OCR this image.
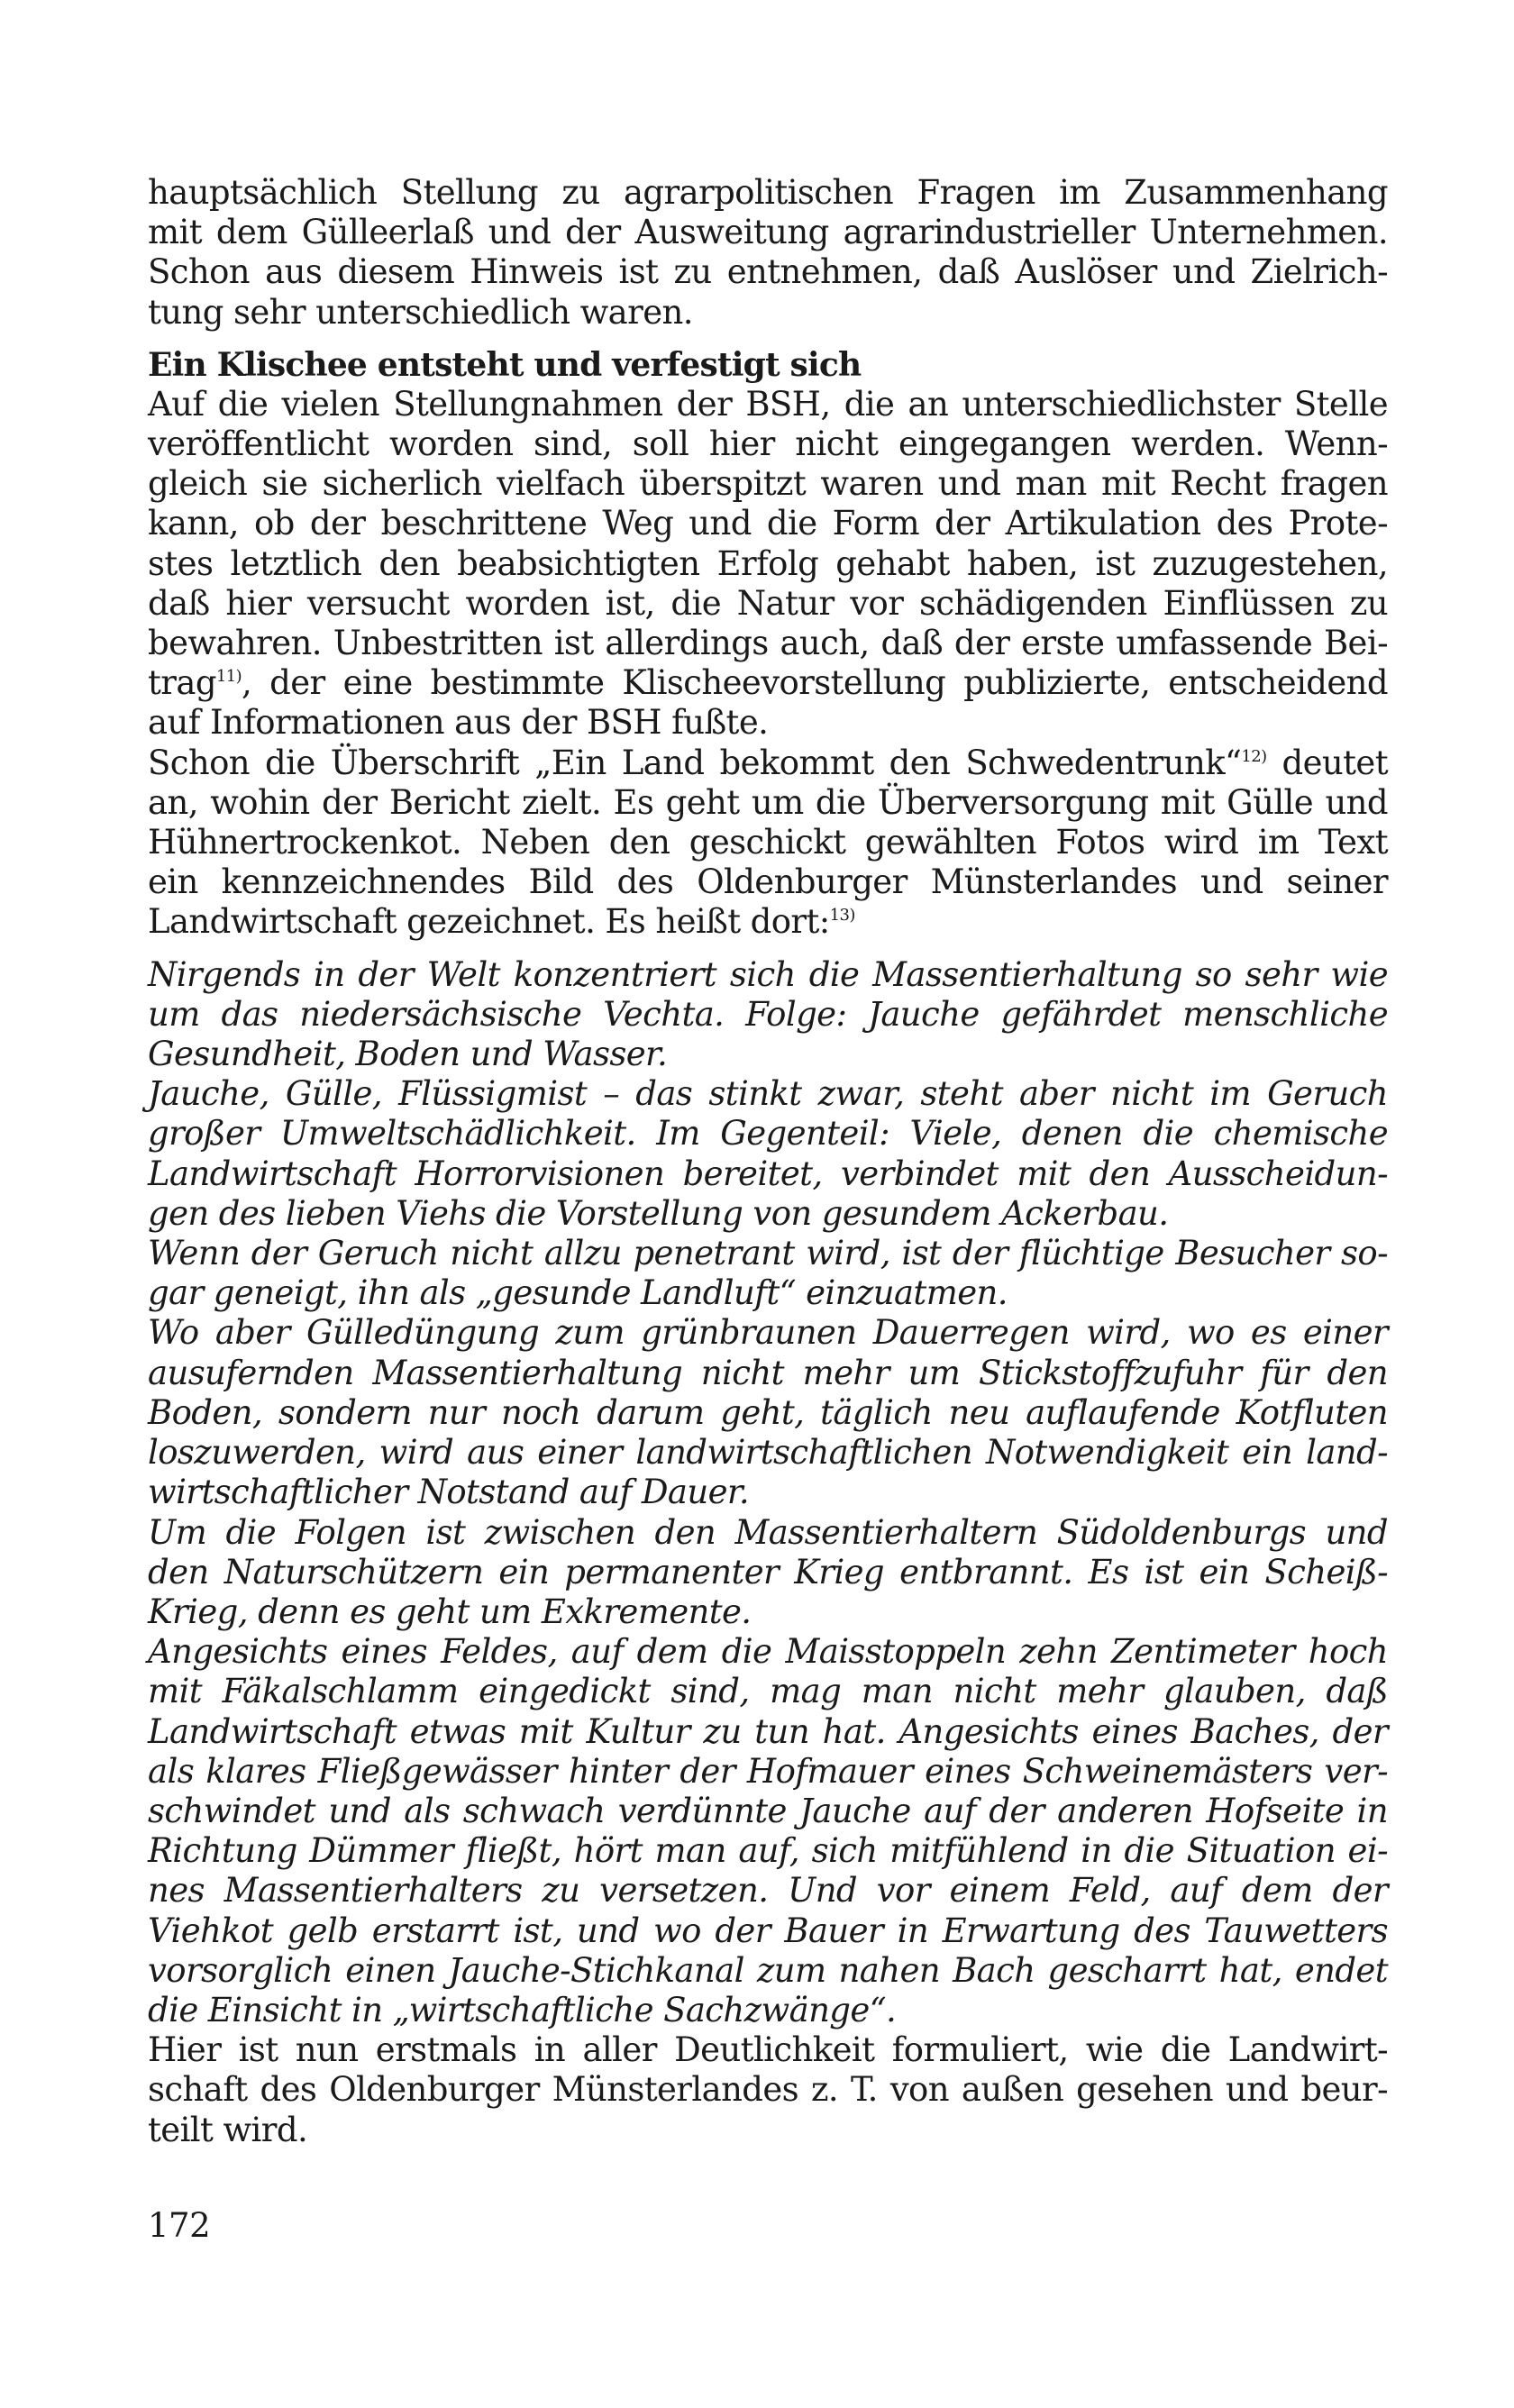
hauptsächlich Stellung zu agrarpolitischen Fragen im Zusammenhang
mit dem Gülleerlaß und der Ausweitung agrarindustrieller Unternehmen.
Schon aus diesem Hinweis ist zu entnehmen, daß Auslöser und Zielrich-
tung sehr unterschiedlich waren.
Ein Klischee entsteht und verfestigt sich
Auf die vielen Stellungnahmen der BSH, die an unterschiedlichster Stelle
veröffentlicht worden sind, soll hier nicht eingegangen werden. Wenn-
gleich sie sicherlich vielfach überspitzt waren und man mit Recht fragen
kann, ob der beschrittene Weg und die Form der Artikulation des Prote-
stes letztlich den beabsichtigten Erfolg gehabt haben, ist zuzugestehen,
daß hier versucht worden ist, die Natur vor schädigenden Einflüssen zu
bewahren. Unbestritten ist allerdings auch, daß der erste umfassende Bei-
trag$^{11)}$, der eine bestimmte Klischeevorstellung publizierte, entscheidend
auf Informationen aus der BSH fußte.
Schon die Überschrift „Ein Land bekommt den Schwedentrunk“$^{12)}$ deutet
an, wohin der Bericht zielt. Es geht um die Überversorgung mit Gülle und
Hühnertrockenkot. Neben den geschickt gewählten Fotos wird im Text
ein kennzeichnendes Bild des Oldenburger Münsterlandes und seiner
Landwirtschaft gezeichnet. Es heißt dort:$^{13)}$
Nirgends in der Welt konzentriert sich die Massentierhaltung so sehr wie
um das niedersächsische Vechta. Folge: Jauche gefährdet menschliche
Gesundheit, Boden und Wasser.
Jauche, Gülle, Flüssigmist – das stinkt zwar, steht aber nicht im Geruch
großer Umweltschädlichkeit. Im Gegenteil: Viele, denen die chemische
Landwirtschaft Horrorvisionen bereitet, verbindet mit den Ausscheidun-
gen des lieben Viehs die Vorstellung von gesundem Ackerbau.
Wenn der Geruch nicht allzu penetrant wird, ist der flüchtige Besucher so-
gar geneigt, ihn als „gesunde Landluft“ einzuatmen.
Wo aber Gülledüngung zum grünbraunen Dauerregen wird, wo es einer
ausufernden Massentierhaltung nicht mehr um Stickstoffzufuhr für den
Boden, sondern nur noch darum geht, täglich neu auflaufende Kotfluten
loszuwerden, wird aus einer landwirtschaftlichen Notwendigkeit ein land-
wirtschaftlicher Notstand auf Dauer.
Um die Folgen ist zwischen den Massentierhaltern Südoldenburgs und
den Naturschützern ein permanenter Krieg entbrannt. Es ist ein Scheiß-
Krieg, denn es geht um Exkremente.
Angesichts eines Feldes, auf dem die Maisstoppeln zehn Zentimeter hoch
mit Fäkalschlamm eingedickt sind, mag man nicht mehr glauben, daß
Landwirtschaft etwas mit Kultur zu tun hat. Angesichts eines Baches, der
als klares Fließgewässer hinter der Hofmauer eines Schweinemästers ver-
schwindet und als schwach verdünnte Jauche auf der anderen Hofseite in
Richtung Dümmer fließt, hört man auf, sich mitfühlend in die Situation ei-
nes Massentierhalters zu versetzen. Und vor einem Feld, auf dem der
Viehkot gelb erstarrt ist, und wo der Bauer in Erwartung des Tauwetters
vorsorglich einen Jauche-Stichkanal zum nahen Bach gescharrt hat, endet
die Einsicht in „wirtschaftliche Sachzwänge“.
Hier ist nun erstmals in aller Deutlichkeit formuliert, wie die Landwirt-
schaft des Oldenburger Münsterlandes z. T. von außen gesehen und beur-
teilt wird.
172
